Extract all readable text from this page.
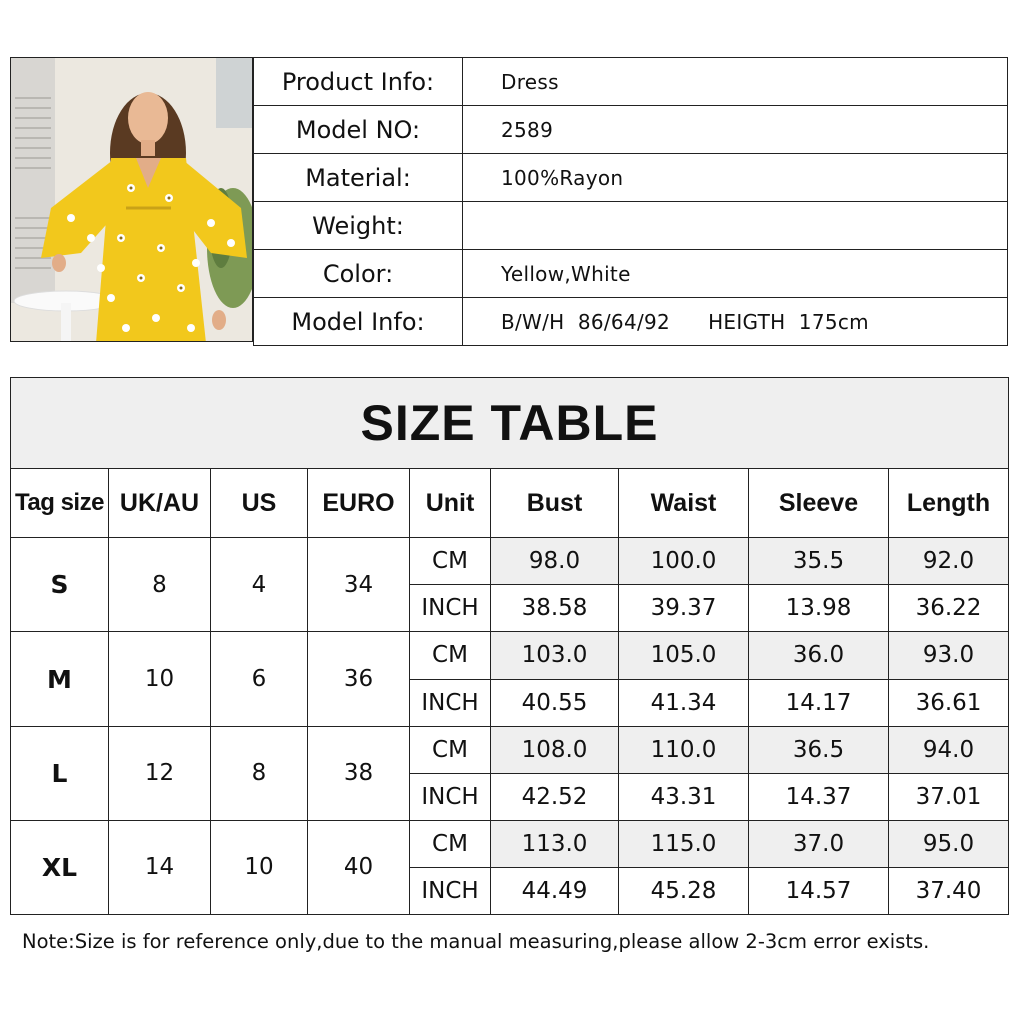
Product Info:	Dress
Model NO:	2589
Material:	100%Rayon
Weight:	
Color:	Yellow,White
Model Info:	B/W/H  86/64/92 HEIGTH  175cm
SIZE TABLE								
Tag size	UK/AU	US	EURO	Unit	Bust	Waist	Sleeve	Length
S	8	4	34	CM	98.0	100.0	35.5	92.0
				INCH	38.58	39.37	13.98	36.22
M	10	6	36	CM	103.0	105.0	36.0	93.0
				INCH	40.55	41.34	14.17	36.61
L	12	8	38	CM	108.0	110.0	36.5	94.0
				INCH	42.52	43.31	14.37	37.01
XL	14	10	40	CM	113.0	115.0	37.0	95.0
				INCH	44.49	45.28	14.57	37.40
Note:Size is for reference only,due to the manual measuring,please allow 2-3cm error exists.
